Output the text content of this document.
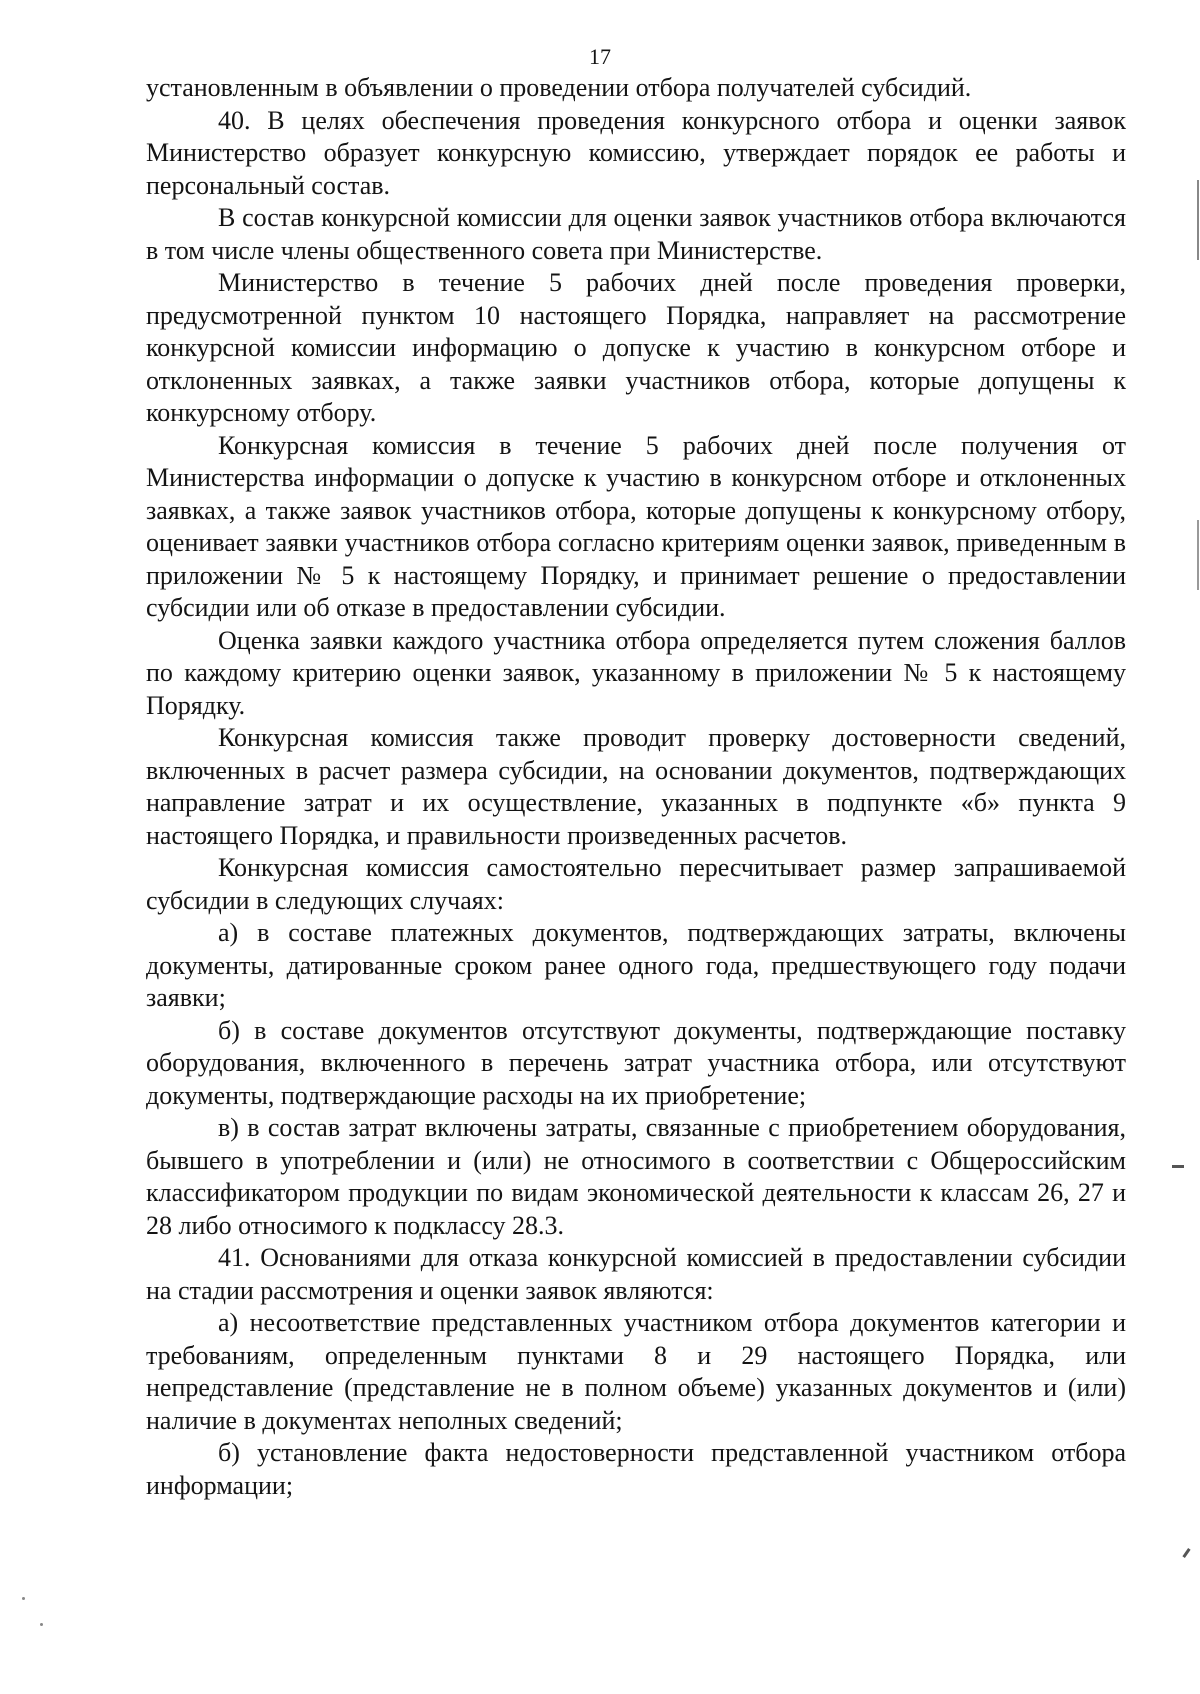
17

установленным в объявлении о проведении отбора получателей субсидий.

40. В целях обеспечения проведения конкурсного отбора и оценки заявок Министерство образует конкурсную комиссию, утверждает порядок ее работы и персональный состав.

В состав конкурсной комиссии для оценки заявок участников отбора включаются в том числе члены общественного совета при Министерстве.

Министерство в течение 5 рабочих дней после проведения проверки, предусмотренной пунктом 10 настоящего Порядка, направляет на рассмотрение конкурсной комиссии информацию о допуске к участию в конкурсном отборе и отклоненных заявках, а также заявки участников отбора, которые допущены к конкурсному отбору.

Конкурсная комиссия в течение 5 рабочих дней после получения от Министерства информации о допуске к участию в конкурсном отборе и отклоненных заявках, а также заявок участников отбора, которые допущены к конкурсному отбору, оценивает заявки участников отбора согласно критериям оценки заявок, приведенным в приложении № 5 к настоящему Порядку, и принимает решение о предоставлении субсидии или об отказе в предоставлении субсидии.

Оценка заявки каждого участника отбора определяется путем сложения баллов по каждому критерию оценки заявок, указанному в приложении № 5 к настоящему Порядку.

Конкурсная комиссия также проводит проверку достоверности сведений, включенных в расчет размера субсидии, на основании документов, подтверждающих направление затрат и их осуществление, указанных в подпункте «б» пункта 9 настоящего Порядка, и правильности произведенных расчетов.

Конкурсная комиссия самостоятельно пересчитывает размер запрашиваемой субсидии в следующих случаях:

а) в составе платежных документов, подтверждающих затраты, включены документы, датированные сроком ранее одного года, предшествующего году подачи заявки;

б) в составе документов отсутствуют документы, подтверждающие поставку оборудования, включенного в перечень затрат участника отбора, или отсутствуют документы, подтверждающие расходы на их приобретение;

в) в состав затрат включены затраты, связанные с приобретением оборудования, бывшего в употреблении и (или) не относимого в соответствии с Общероссийским классификатором продукции по видам экономической деятельности к классам 26, 27 и 28 либо относимого к подклассу 28.3.

41. Основаниями для отказа конкурсной комиссией в предоставлении субсидии на стадии рассмотрения и оценки заявок являются:

а) несоответствие представленных участником отбора документов категории и требованиям, определенным пунктами 8 и 29 настоящего Порядка, или непредставление (представление не в полном объеме) указанных документов и (или) наличие в документах неполных сведений;

б) установление факта недостоверности представленной участником отбора информации;
